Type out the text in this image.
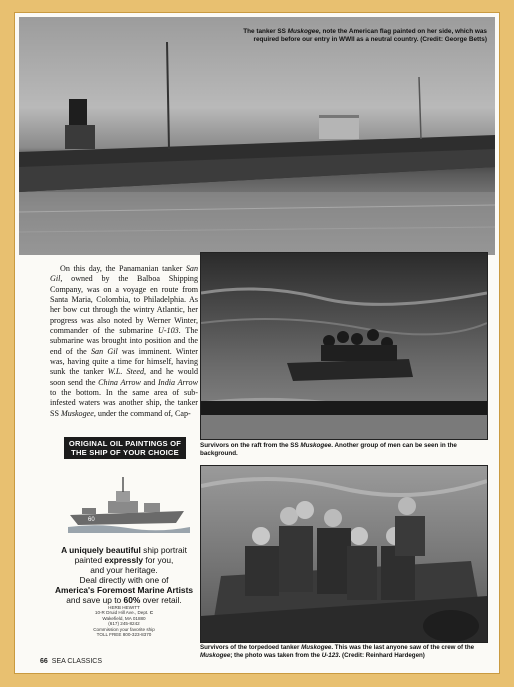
The tanker SS Muskogee, note the American flag painted on her side, which was required before our entry in WWII as a neutral country. (Credit: George Betts)

On this day, the Panamanian tanker San Gil, owned by the Balboa Shipping Company, was on a voyage en route from Santa Maria, Colombia, to Philadelphia. As her bow cut through the wintry Atlantic, her progress was also noted by Werner Winter, commander of the submarine U-103. The submarine was brought into position and the end of the San Gil was imminent. Winter was, having quite a time for himself, having sunk the tanker W.L. Steed, and he would soon send the China Arrow and India Arrow to the bottom. In the same area of sub-infested waters was another ship, the tanker SS Muskogee, under the command of, Cap-

ORIGINAL OIL PAINTINGS OF
THE SHIP OF YOUR CHOICE
60
A uniquely beautiful ship portrait
painted expressly for you,
and your heritage.
Deal directly with one of
America's Foremost Marine Artists
and save up to 60% over retail.
HERB HEWITT
10-R Druid Hill Ave., Dept. C
Wakefield, MA 01880
(617) 245-8242
Commission your favorite ship
TOLL FREE 800-323-8370
Survivors on the raft from the SS Muskogee. Another group of men can be seen in the background.
Survivors of the torpedoed tanker Muskogee. This was the last anyone saw of the crew of the Muskogee; the photo was taken from the U-123. (Credit: Reinhard Hardegen)
66 SEA CLASSICS
